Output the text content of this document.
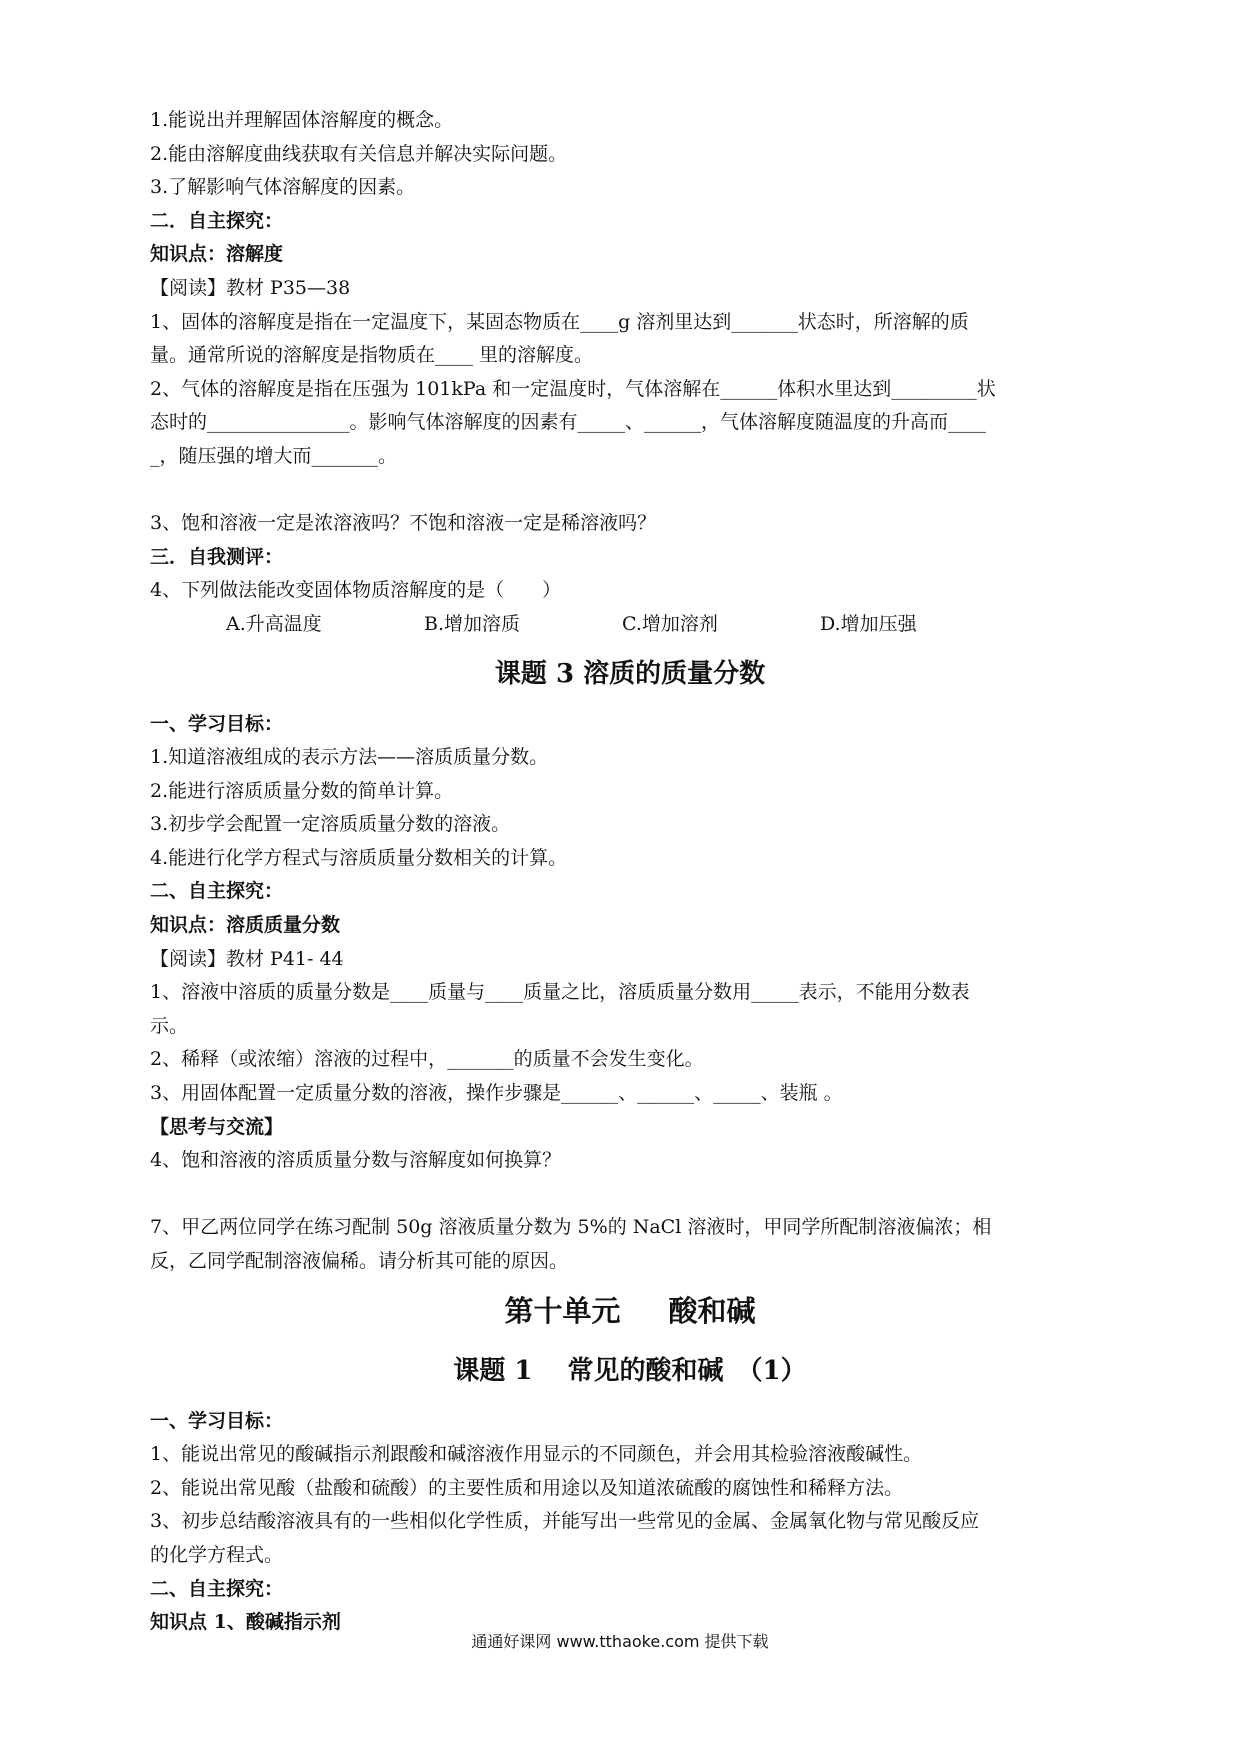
1.能说出并理解固体溶解度的概念。
2.能由溶解度曲线获取有关信息并解决实际问题。
3.了解影响气体溶解度的因素。
二．自主探究：
知识点：溶解度
【阅读】教材 P35—38
1、固体的溶解度是指在一定温度下，某固态物质在____g 溶剂里达到_______状态时，所溶解的质
量。通常所说的溶解度是指物质在____ 里的溶解度。
2、气体的溶解度是指在压强为 101kPa 和一定温度时，气体溶解在______体积水里达到_________状
态时的_______________。影响气体溶解度的因素有_____、______，气体溶解度随温度的升高而____
_，随压强的增大而_______。
3、饱和溶液一定是浓溶液吗？不饱和溶液一定是稀溶液吗？
三．自我测评：
4、下列做法能改变固体物质溶解度的是（　　）
A.升高温度	B.增加溶质	C.增加溶剂	D.增加压强
课题 3 溶质的质量分数
一、学习目标：
1.知道溶液组成的表示方法——溶质质量分数。
2.能进行溶质质量分数的简单计算。
3.初步学会配置一定溶质质量分数的溶液。
4.能进行化学方程式与溶质质量分数相关的计算。
二、自主探究：
知识点：溶质质量分数
【阅读】教材 P41- 44
1、溶液中溶质的质量分数是____质量与____质量之比，溶质质量分数用_____表示，不能用分数表
示。
2、稀释（或浓缩）溶液的过程中，_______的质量不会发生变化。
3、用固体配置一定质量分数的溶液，操作步骤是______、______、_____、装瓶 。
【思考与交流】
4、饱和溶液的溶质质量分数与溶解度如何换算？
7、甲乙两位同学在练习配制 50g 溶液质量分数为 5%的 NaCl 溶液时，甲同学所配制溶液偏浓；相
反，乙同学配制溶液偏稀。请分析其可能的原因。
第十单元 酸和碱
课题 1　 常见的酸和碱　（1）
一、学习目标：
1、能说出常见的酸碱指示剂跟酸和碱溶液作用显示的不同颜色，并会用其检验溶液酸碱性。
2、能说出常见酸（盐酸和硫酸）的主要性质和用途以及知道浓硫酸的腐蚀性和稀释方法。
3、初步总结酸溶液具有的一些相似化学性质，并能写出一些常见的金属、金属氧化物与常见酸反应
的化学方程式。
二、自主探究：
知识点 1、酸碱指示剂
通通好课网 www.tthaoke.com 提供下载
